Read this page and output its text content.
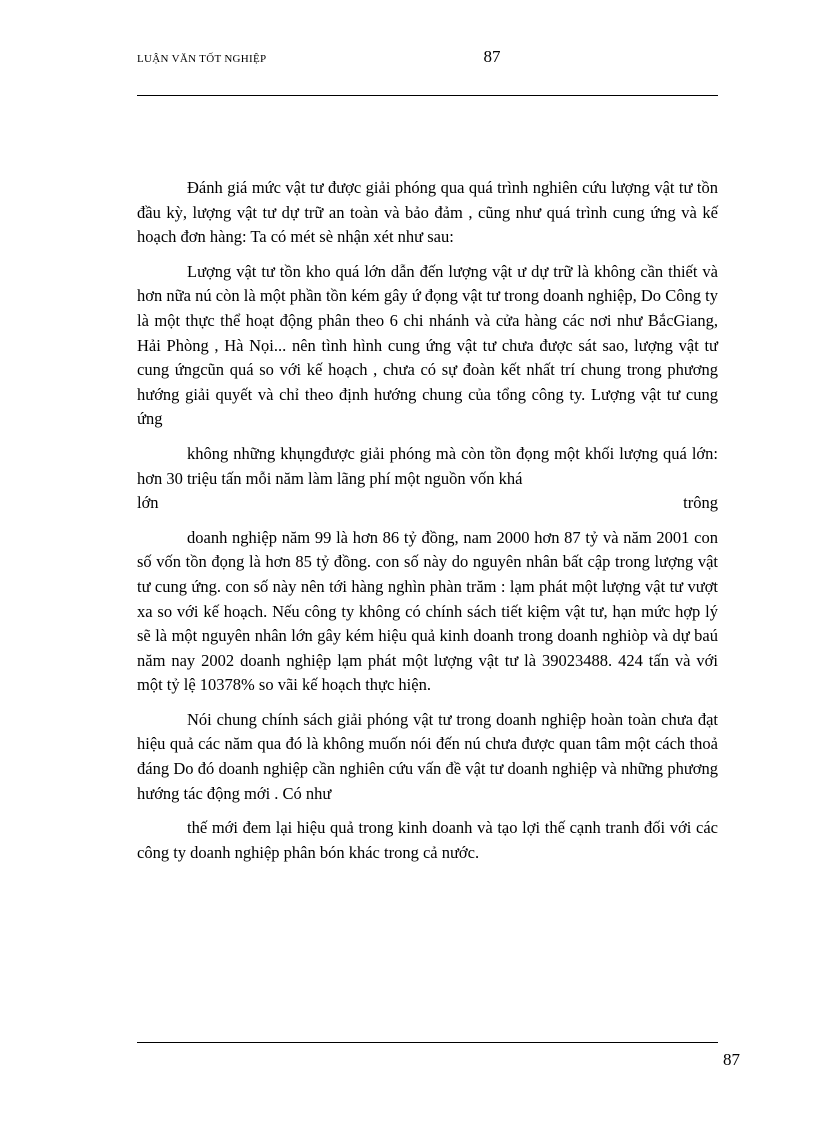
LUẬN VĂN TỐT NGHIỆP	87

Đánh giá mức vật tư được giải phóng qua quá trình nghiên cứu lượng vật tư tồn đầu kỳ, lượng vật tư dự trữ an toàn và bảo đảm , cũng như quá trình cung ứng và kế hoạch đơn hàng: Ta có mét sè nhận xét như sau:

Lượng vật tư tồn kho quá lớn dẫn đến lượng vật ư dự trữ là không cần thiết và hơn nữa nú còn là một phần tồn kém gây ứ đọng vật tư trong doanh nghiệp, Do Công ty là một thực thể hoạt động phân theo 6 chi nhánh và cửa hàng các nơi như BắcGiang, Hải Phòng , Hà Nọi... nên tình hình cung ứng vật tư chưa được sát sao, lượng vật tư cung ứngcũn quá so với kế hoạch , chưa có sự đoàn kết nhất trí chung trong phương hướng giải quyết và chỉ theo định hướng chung của tổng công ty. Lượng vật tư cung ứng

không những khụngđược giải phóng mà còn tồn đọng một khối lượng quá lớn: hơn 30 triệu tấn mỗi năm làm lãng phí một nguồn vốn khá

lớn	trông

doanh nghiệp năm 99 là hơn 86 tỷ đồng, nam 2000 hơn 87 tỷ và năm 2001 con số vốn tồn đọng là hơn 85 tỷ đồng. con số này do nguyên nhân bất cập trong lượng vật tư cung ứng. con số này nên tới hàng nghìn phàn trăm : lạm phát một lượng vật tư vượt xa so với kế hoạch. Nếu công ty không có chính sách tiết kiệm vật tư, hạn mức hợp lý sẽ là một nguyên nhân lớn gây kém hiệu quả kinh doanh trong doanh nghiòp và dự baú năm nay 2002 doanh nghiệp lạm phát một lượng vật tư là 39023488. 424 tấn và với một tỷ lệ 10378% so vãi kế hoạch thực hiện.

Nói chung chính sách giải phóng vật tư trong doanh nghiệp hoàn toàn chưa đạt hiệu quả các năm qua đó là không muốn nói đến nú chưa được quan tâm một cách thoả đáng Do đó doanh nghiệp cần nghiên cứu vấn đề vật tư doanh nghiệp và những phương hướng tác động mới . Có như

thế mới đem lại hiệu quả trong kinh doanh và tạo lợi thế cạnh tranh đối với các công ty doanh nghiệp phân bón khác trong cả nước.

87
